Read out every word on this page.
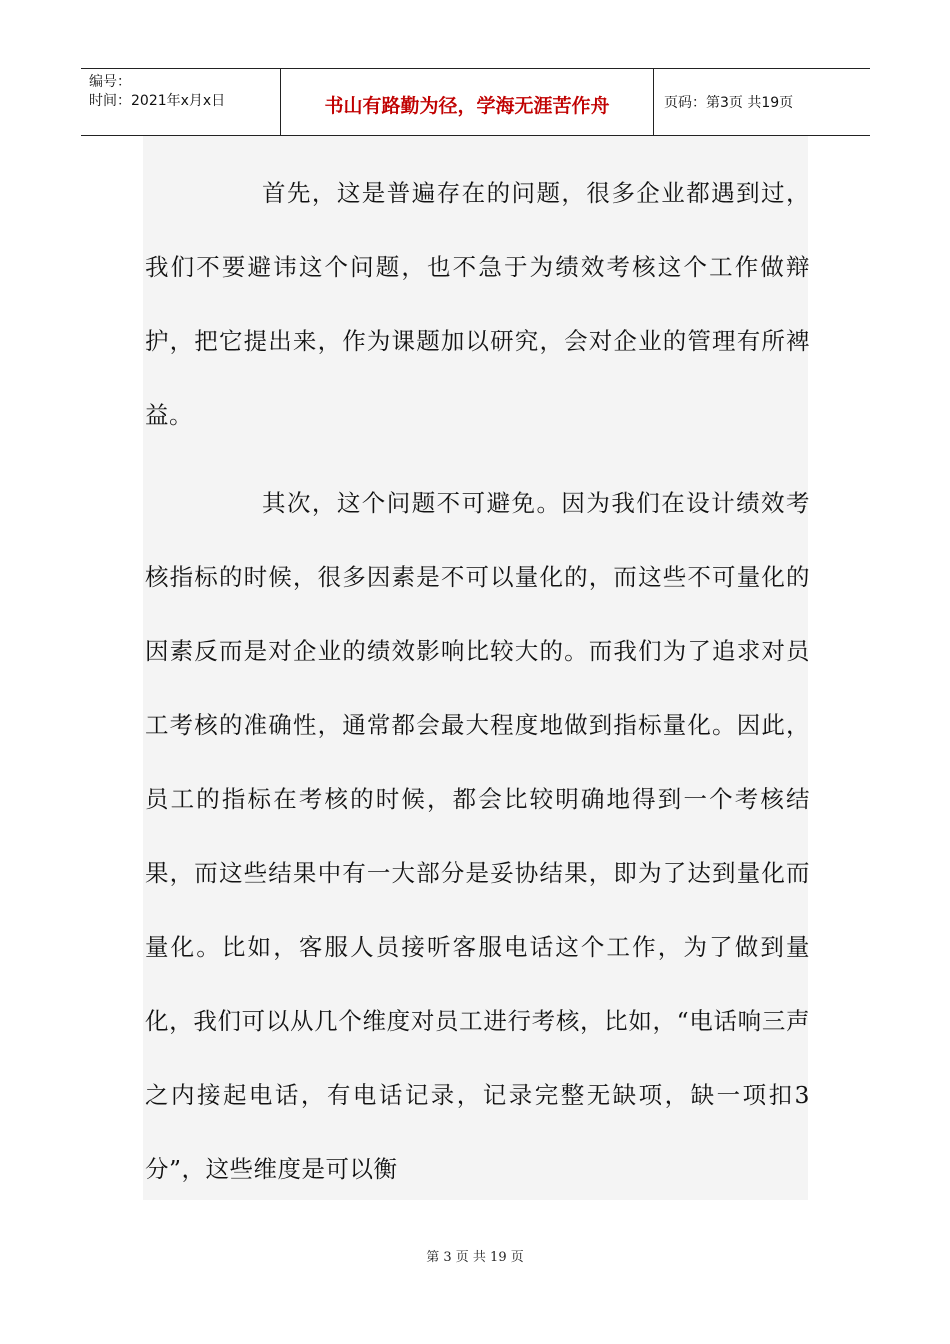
编号：
时间：2021年x月x日	书山有路勤为径，学海无涯苦作舟	页码：第3页 共19页

首先，这是普遍存在的问题，很多企业都遇到过，我们不要避讳这个问题，也不急于为绩效考核这个工作做辩护，把它提出来，作为课题加以研究，会对企业的管理有所裨益。

其次，这个问题不可避免。因为我们在设计绩效考核指标的时候，很多因素是不可以量化的，而这些不可量化的因素反而是对企业的绩效影响比较大的。而我们为了追求对员工考核的准确性，通常都会最大程度地做到指标量化。因此，员工的指标在考核的时候，都会比较明确地得到一个考核结果，而这些结果中有一大部分是妥协结果，即为了达到量化而量化。比如，客服人员接听客服电话这个工作，为了做到量化，我们可以从几个维度对员工进行考核，比如，“电话响三声之内接起电话，有电话记录，记录完整无缺项，缺一项扣3分”，这些维度是可以衡

第 3 页 共 19 页
